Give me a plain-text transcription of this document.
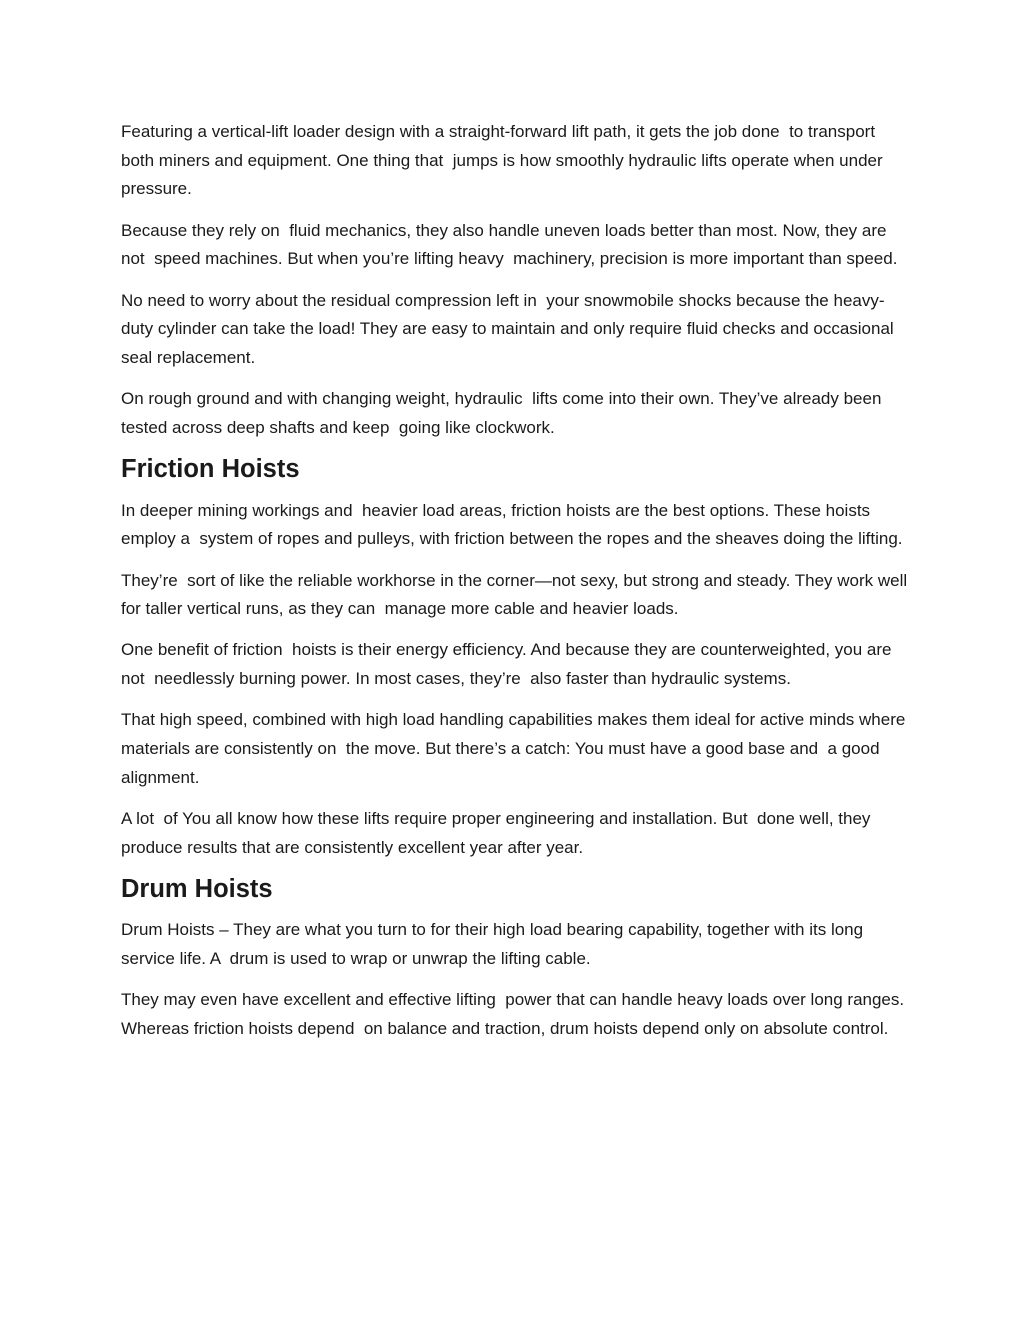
Featuring a vertical-lift loader design with a straight-forward lift path, it gets the job done  to transport both miners and equipment. One thing that  jumps is how smoothly hydraulic lifts operate when under pressure.

Because they rely on  fluid mechanics, they also handle uneven loads better than most. Now, they are not  speed machines. But when you’re lifting heavy  machinery, precision is more important than speed.

No need to worry about the residual compression left in  your snowmobile shocks because the heavy-duty cylinder can take the load! They are easy to maintain and only require fluid checks and occasional  seal replacement.

On rough ground and with changing weight, hydraulic  lifts come into their own. They’ve already been tested across deep shafts and keep  going like clockwork.

Friction Hoists

In deeper mining workings and  heavier load areas, friction hoists are the best options. These hoists employ a  system of ropes and pulleys, with friction between the ropes and the sheaves doing the lifting.

They’re  sort of like the reliable workhorse in the corner—not sexy, but strong and steady. They work well for taller vertical runs, as they can  manage more cable and heavier loads.

One benefit of friction  hoists is their energy efficiency. And because they are counterweighted, you are not  needlessly burning power. In most cases, they’re  also faster than hydraulic systems.

That high speed, combined with high load handling capabilities makes them ideal for active minds where materials are consistently on  the move. But there’s a catch: You must have a good base and  a good alignment.

A lot  of You all know how these lifts require proper engineering and installation. But  done well, they produce results that are consistently excellent year after year.

Drum Hoists

Drum Hoists – They are what you turn to for their high load bearing capability, together with its long service life. A  drum is used to wrap or unwrap the lifting cable.

They may even have excellent and effective lifting  power that can handle heavy loads over long ranges. Whereas friction hoists depend  on balance and traction, drum hoists depend only on absolute control.
